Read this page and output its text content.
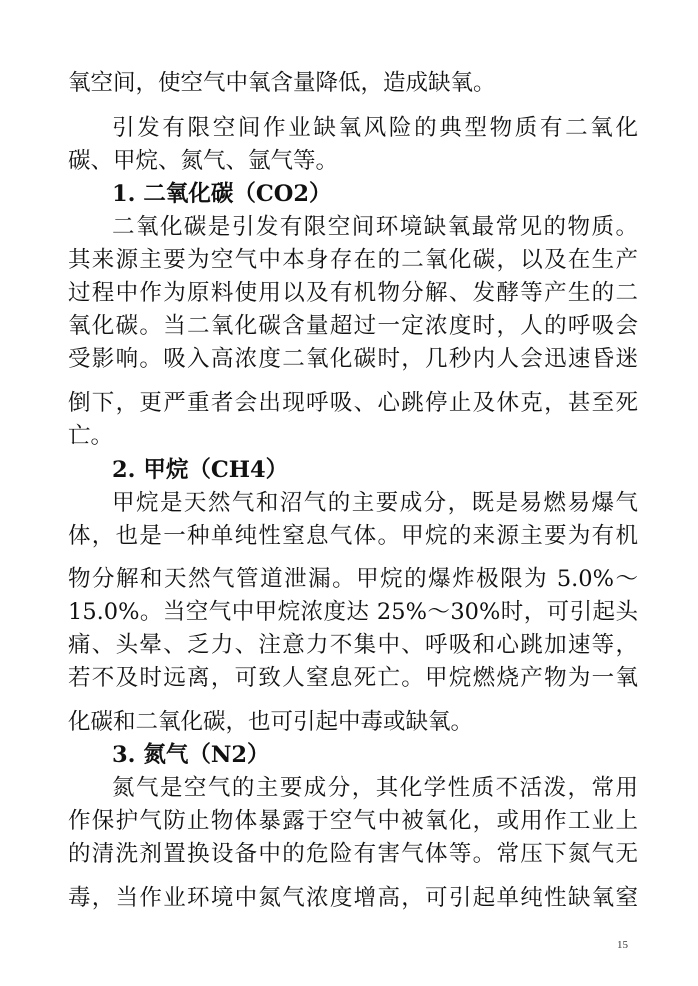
氧空间，使空气中氧含量降低，造成缺氧。
引发有限空间作业缺氧风险的典型物质有二氧化
碳、甲烷、氮气、氩气等。
1. 二氧化碳（CO2）
二氧化碳是引发有限空间环境缺氧最常见的物质。
其来源主要为空气中本身存在的二氧化碳，以及在生产
过程中作为原料使用以及有机物分解、发酵等产生的二
氧化碳。当二氧化碳含量超过一定浓度时，人的呼吸会
受影响。吸入高浓度二氧化碳时，几秒内人会迅速昏迷
倒下，更严重者会出现呼吸、心跳停止及休克，甚至死
亡。
2. 甲烷（CH4）
甲烷是天然气和沼气的主要成分，既是易燃易爆气
体，也是一种单纯性窒息气体。甲烷的来源主要为有机
物分解和天然气管道泄漏。甲烷的爆炸极限为 5.0%～
15.0%。当空气中甲烷浓度达 25%～30%时，可引起头
痛、头晕、乏力、注意力不集中、呼吸和心跳加速等，
若不及时远离，可致人窒息死亡。甲烷燃烧产物为一氧
化碳和二氧化碳，也可引起中毒或缺氧。
3. 氮气（N2）
氮气是空气的主要成分，其化学性质不活泼，常用
作保护气防止物体暴露于空气中被氧化，或用作工业上
的清洗剂置换设备中的危险有害气体等。常压下氮气无
毒，当作业环境中氮气浓度增高，可引起单纯性缺氧窒
15
